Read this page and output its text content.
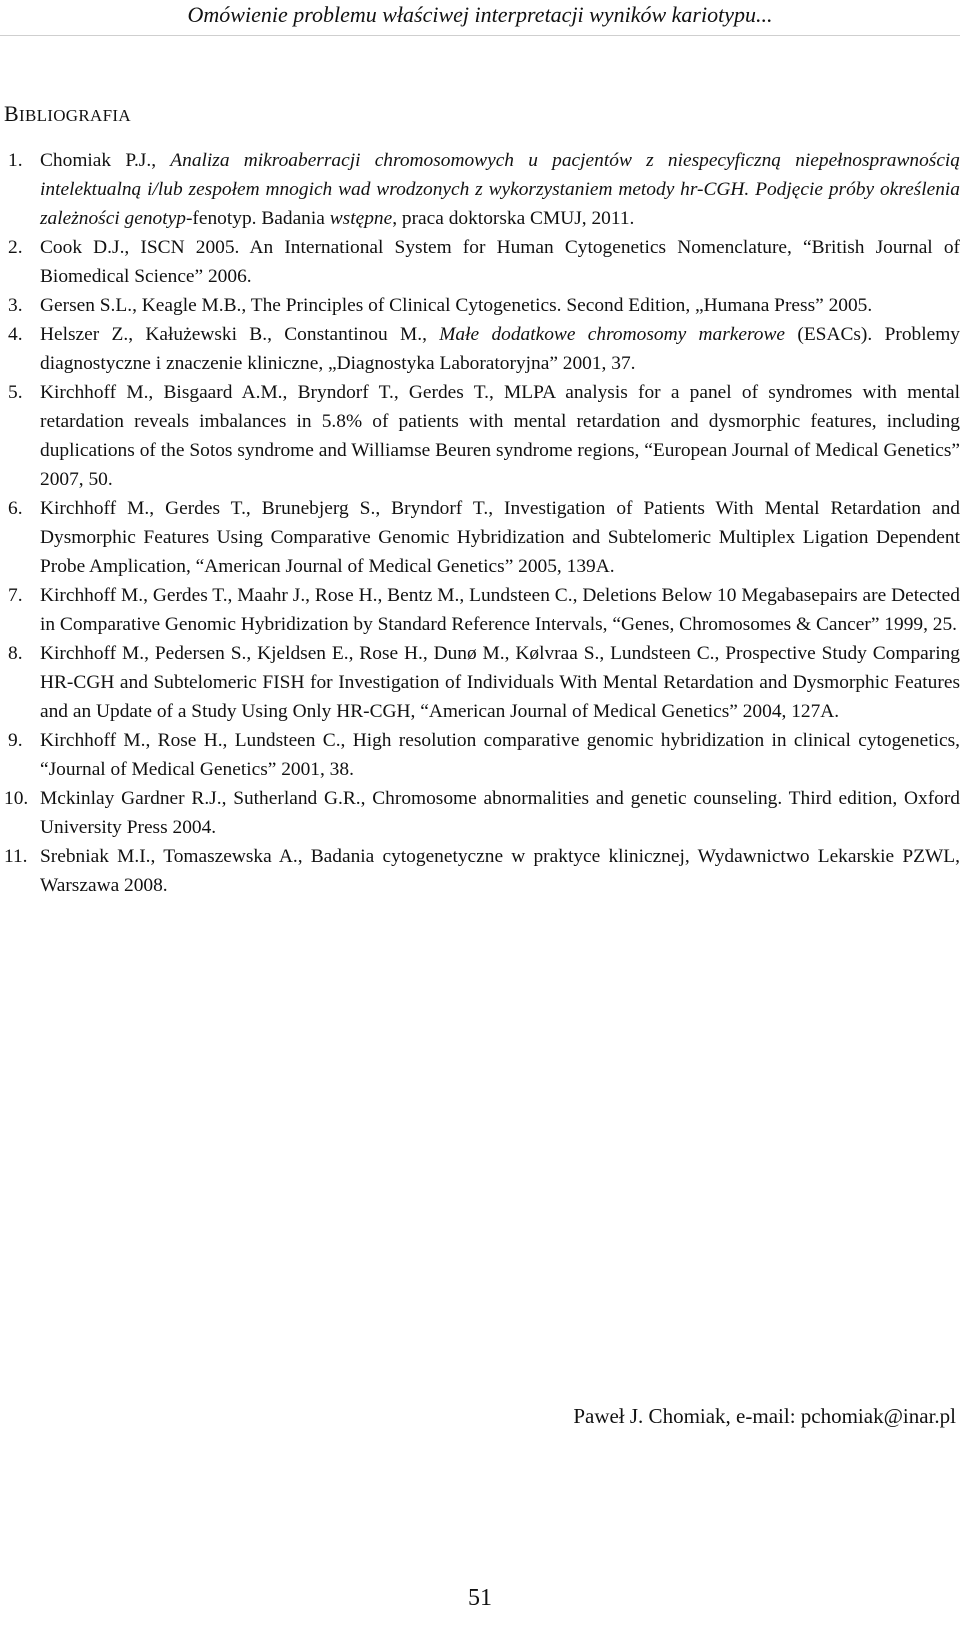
Omówienie problemu właściwej interpretacji wyników kariotypu...
BIBLIOGRAFIA
1. Chomiak P.J., Analiza mikroaberracji chromosomowych u pacjentów z niespecyficzną niepełnosprawnością intelektualną i/lub zespołem mnogich wad wrodzonych z wykorzystaniem metody hr-CGH. Podjęcie próby określenia zależności genotyp-fenotyp. Badania wstępne, praca doktorska CMUJ, 2011.
2. Cook D.J., ISCN 2005. An International System for Human Cytogenetics Nomenclature, “British Journal of Biomedical Science” 2006.
3. Gersen S.L., Keagle M.B., The Principles of Clinical Cytogenetics. Second Edition, „Humana Press” 2005.
4. Helszer Z., Kałużewski B., Constantinou M., Małe dodatkowe chromosomy markerowe (ESACs). Problemy diagnostyczne i znaczenie kliniczne, „Diagnostyka Laboratoryjna” 2001, 37.
5. Kirchhoff M., Bisgaard A.M., Bryndorf T., Gerdes T., MLPA analysis for a panel of syndromes with mental retardation reveals imbalances in 5.8% of patients with mental retardation and dysmorphic features, including duplications of the Sotos syndrome and Williamse Beuren syndrome regions, “European Journal of Medical Genetics” 2007, 50.
6. Kirchhoff M., Gerdes T., Brunebjerg S., Bryndorf T., Investigation of Patients With Mental Retardation and Dysmorphic Features Using Comparative Genomic Hybridization and Subtelomeric Multiplex Ligation Dependent Probe Amplication, “American Journal of Medical Genetics” 2005, 139A.
7. Kirchhoff M., Gerdes T., Maahr J., Rose H., Bentz M., Lundsteen C., Deletions Below 10 Megabasepairs are Detected in Comparative Genomic Hybridization by Standard Reference Intervals, “Genes, Chromosomes & Cancer” 1999, 25.
8. Kirchhoff M., Pedersen S., Kjeldsen E., Rose H., Dunø M., Kølvraa S., Lundsteen C., Prospective Study Comparing HR-CGH and Subtelomeric FISH for Investigation of Individuals With Mental Retardation and Dysmorphic Features and an Update of a Study Using Only HR-CGH, “American Journal of Medical Genetics” 2004, 127A.
9. Kirchhoff M., Rose H., Lundsteen C., High resolution comparative genomic hybridization in clinical cytogenetics, “Journal of Medical Genetics” 2001, 38.
10. Mckinlay Gardner R.J., Sutherland G.R., Chromosome abnormalities and genetic counseling. Third edition, Oxford University Press 2004.
11. Srebniak M.I., Tomaszewska A., Badania cytogenetyczne w praktyce klinicznej, Wydawnictwo Lekarskie PZWL, Warszawa 2008.
Paweł J. Chomiak, e-mail: pchomiak@inar.pl
51
